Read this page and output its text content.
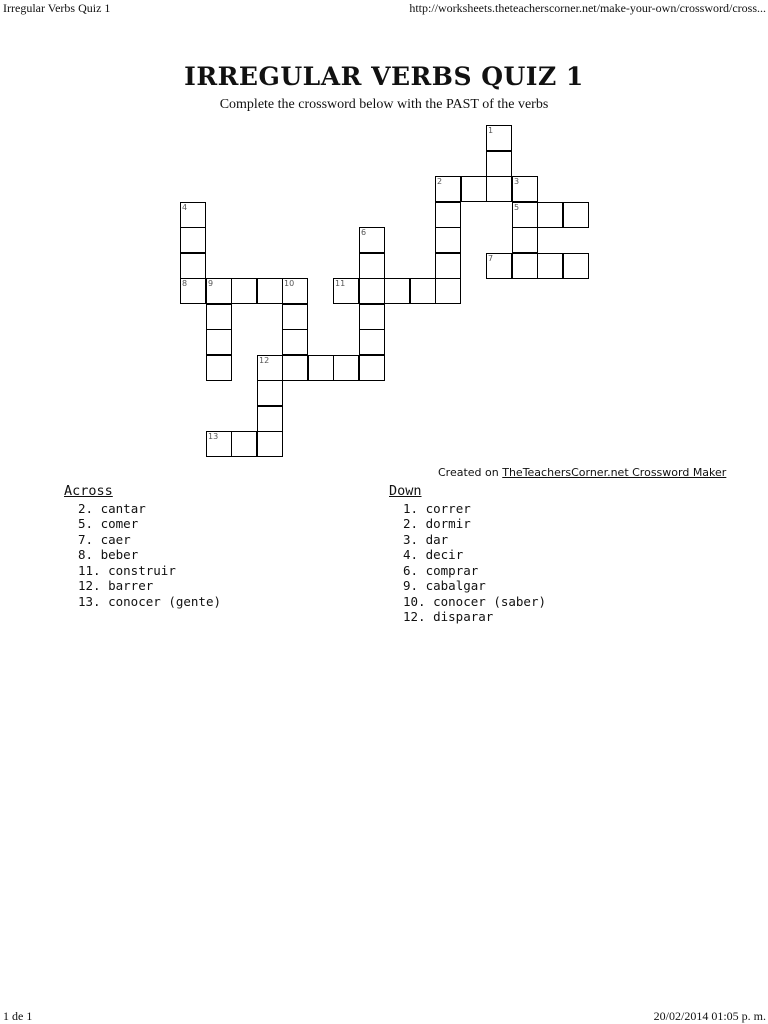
Irregular Verbs Quiz 1	http://worksheets.theteacherscorner.net/make-your-own/crossword/cross...
IRREGULAR VERBS QUIZ 1
Complete the crossword below with the PAST of the verbs
1
2	3
4	5
6
7
8	9	10	11
12
13
Created on TheTeachersCorner.net Crossword Maker
Across
2. cantar
5. comer
7. caer
8. beber
11. construir
12. barrer
13. conocer (gente)
Down
1. correr
2. dormir
3. dar
4. decir
6. comprar
9. cabalgar
10. conocer (saber)
12. disparar
1 de 1	20/02/2014 01:05 p. m.
